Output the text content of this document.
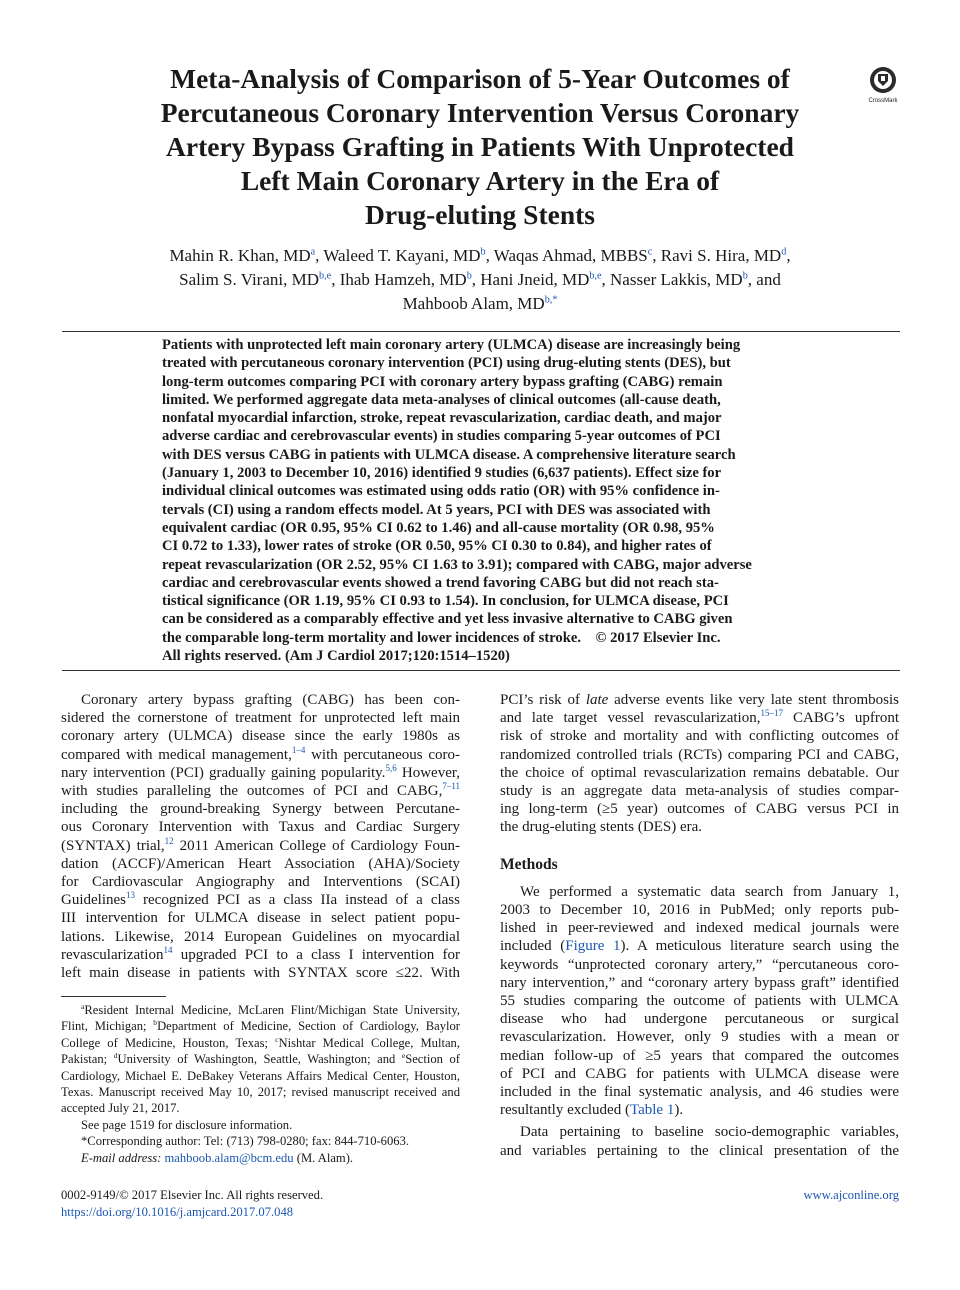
Meta-Analysis of Comparison of 5-Year Outcomes of
Percutaneous Coronary Intervention Versus Coronary
Artery Bypass Grafting in Patients With Unprotected
Left Main Coronary Artery in the Era of
Drug-eluting Stents
CrossMark
Mahin R. Khan, $MD^a$, Waleed T. Kayani, $MD^b$, Waqas Ahmad, MBBS$^c$, Ravi S. Hira, $MD^d$,
Salim S. Virani, MD$^{b,e}$, Ihab Hamzeh, $MD^b$, Hani Jneid, MD$^{b,e}$, Nasser Lakkis, $MD^b$, and
Mahboob Alam, $MD^{b,*}$
Patients with unprotected left main coronary artery (ULMCA) disease are increasingly being
treated with percutaneous coronary intervention (PCI) using drug-eluting stents (DES), but
long-term outcomes comparing PCI with coronary artery bypass grafting (CABG) remain
limited. We performed aggregate data meta-analyses of clinical outcomes (all-cause death,
nonfatal myocardial infarction, stroke, repeat revascularization, cardiac death, and major
adverse cardiac and cerebrovascular events) in studies comparing 5-year outcomes of PCI
with DES versus CABG in patients with ULMCA disease. A comprehensive literature search
(January 1, 2003 to December 10, 2016) identified 9 studies (6,637 patients). Effect size for
individual clinical outcomes was estimated using odds ratio (OR) with 95% confidence in-
tervals (CI) using a random effects model. At 5 years, PCI with DES was associated with
equivalent cardiac (OR 0.95, 95% CI 0.62 to 1.46) and all-cause mortality (OR 0.98, 95%
CI 0.72 to 1.33), lower rates of stroke (OR 0.50, 95% CI 0.30 to 0.84), and higher rates of
repeat revascularization (OR 2.52, 95% CI 1.63 to 3.91); compared with CABG, major adverse
cardiac and cerebrovascular events showed a trend favoring CABG but did not reach sta-
tistical significance (OR 1.19, 95% CI 0.93 to 1.54). In conclusion, for ULMCA disease, PCI
can be considered as a comparably effective and yet less invasive alternative to CABG given
the comparable long-term mortality and lower incidences of stroke.    © 2017 Elsevier Inc.
All rights reserved. (Am J Cardiol 2017;120:1514–1520)
Coronary artery bypass grafting (CABG) has been con-
sidered the cornerstone of treatment for unprotected left main
coronary artery (ULMCA) disease since the early 1980s as
compared with medical management,$^{1-4}$ with percutaneous coro-
nary intervention (PCI) gradually gaining popularity.$^{5,6}$ However,
with studies paralleling the outcomes of PCI and CABG,$^{7-11}$
including the ground-breaking Synergy between Percutane-
ous Coronary Intervention with Taxus and Cardiac Surgery
(SYNTAX) trial,$^{12}$ 2011 American College of Cardiology Foun-
dation (ACCF)/American Heart Association (AHA)/Society
for Cardiovascular Angiography and Interventions (SCAI)
Guidelines$^{13}$ recognized PCI as a class IIa instead of a class
III intervention for ULMCA disease in select patient popu-
lations. Likewise, 2014 European Guidelines on myocardial
revascularization$^{14}$ upgraded PCI to a class I intervention for
left main disease in patients with SYNTAX score ≤22. With
$^a$Resident Internal Medicine, McLaren Flint/Michigan State University,
Flint, Michigan; $^b$Department of Medicine, Section of Cardiology, Baylor
College of Medicine, Houston, Texas; $^c$Nishtar Medical College, Multan,
Pakistan; $^d$University of Washington, Seattle, Washington; and $^e$Section of
Cardiology, Michael E. DeBakey Veterans Affairs Medical Center, Houston,
Texas. Manuscript received May 10, 2017; revised manuscript received and
accepted July 21, 2017.
See page 1519 for disclosure information.
*Corresponding author: Tel: (713) 798-0280; fax: 844-710-6063.
E-mail address: mahboob.alam@bcm.edu (M. Alam).
PCI’s risk of late adverse events like very late stent thrombosis
and late target vessel revascularization,$^{15-17}$ CABG’s upfront
risk of stroke and mortality and with conflicting outcomes of
randomized controlled trials (RCTs) comparing PCI and CABG,
the choice of optimal revascularization remains debatable. Our
study is an aggregate data meta-analysis of studies compar-
ing long-term (≥5 year) outcomes of CABG versus PCI in
the drug-eluting stents (DES) era.
Methods
We performed a systematic data search from January 1,
2003 to December 10, 2016 in PubMed; only reports pub-
lished in peer-reviewed and indexed medical journals were
included (Figure 1). A meticulous literature search using the
keywords “unprotected coronary artery,” “percutaneous coro-
nary intervention,” and “coronary artery bypass graft” identified
55 studies comparing the outcome of patients with ULMCA
disease who had undergone percutaneous or surgical
revascularization. However, only 9 studies with a mean or
median follow-up of ≥5 years that compared the outcomes
of PCI and CABG for patients with ULMCA disease were
included in the final systematic analysis, and 46 studies were
resultantly excluded (Table 1).
Data pertaining to baseline socio-demographic variables,
and variables pertaining to the clinical presentation of the
0002-9149/© 2017 Elsevier Inc. All rights reserved.
https://doi.org/10.1016/j.amjcard.2017.07.048
www.ajconline.org
